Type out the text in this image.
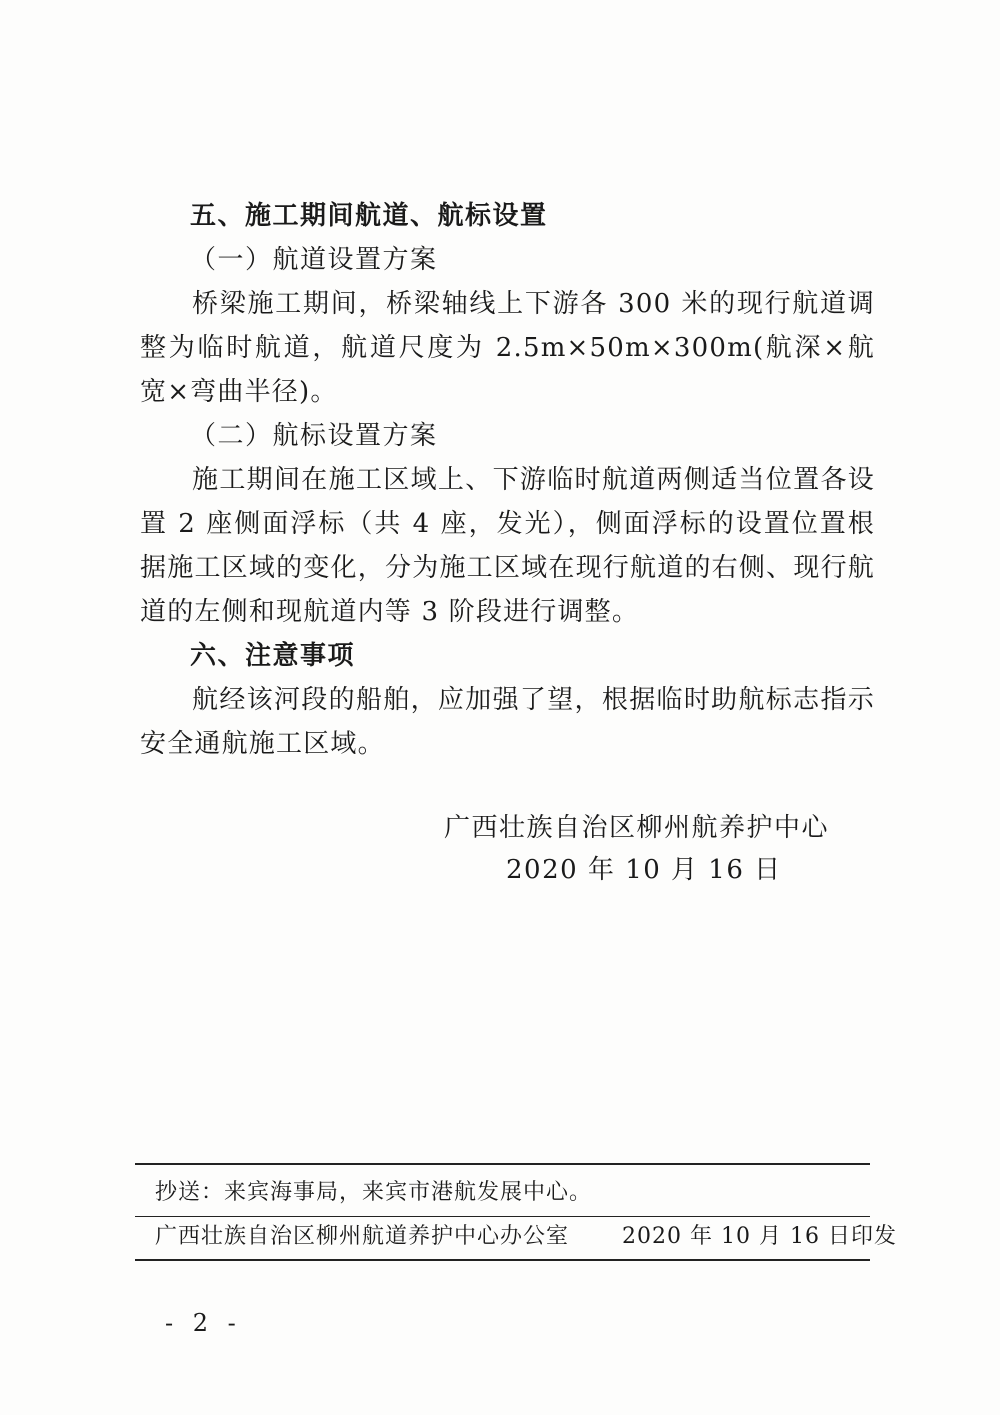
五、施工期间航道、航标设置
（一）航道设置方案

桥梁施工期间，桥梁轴线上下游各 300 米的现行航道调整为临时航道，航道尺度为 2.5m×50m×300m(航深×航宽×弯曲半径)。

（二）航标设置方案

施工期间在施工区域上、下游临时航道两侧适当位置各设置 2 座侧面浮标（共 4 座，发光），侧面浮标的设置位置根据施工区域的变化，分为施工区域在现行航道的右侧、现行航道的左侧和现航道内等 3 阶段进行调整。

六、注意事项

航经该河段的船舶，应加强了望，根据临时助航标志指示安全通航施工区域。

广西壮族自治区柳州航养护中心
2020 年 10 月 16 日
抄送：来宾海事局，来宾市港航发展中心。
广西壮族自治区柳州航道养护中心办公室 2020 年 10 月 16 日印发
- 2 -
